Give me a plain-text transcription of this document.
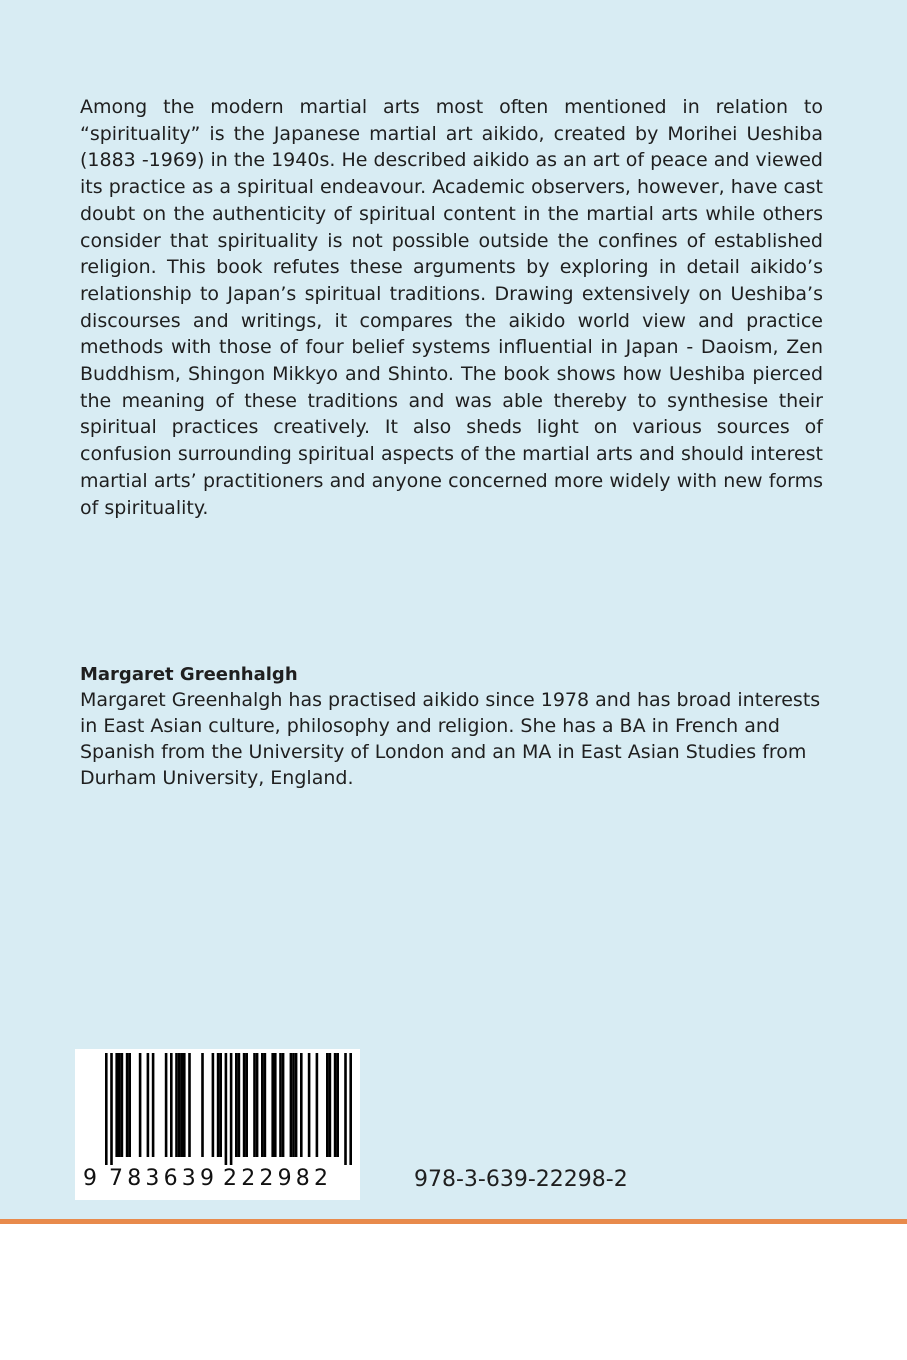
Among the modern martial arts most often mentioned in relation to “spirituality” is the Japanese martial art aikido, created by Morihei Ueshiba (1883 -1969) in the 1940s. He described aikido as an art of peace and viewed its practice as a spiritual endeavour. Academic observers, however, have cast doubt on the authenticity of spiritual content in the martial arts while others consider that spirituality is not possible outside the confines of established religion. This book refutes these arguments by exploring in detail aikido’s relationship to Japan’s spiritual traditions. Drawing extensively on Ueshiba’s discourses and writings, it compares the aikido world view and practice methods with those of four belief systems influential in Japan - Daoism, Zen Buddhism, Shingon Mikkyo and Shinto. The book shows how Ueshiba pierced the meaning of these traditions and was able thereby to synthesise their spiritual practices creatively. It also sheds light on various sources of confusion surrounding spiritual aspects of the martial arts and should interest martial arts’ practitioners and anyone concerned more widely with new forms of spirituality.

Margaret Greenhalgh

Margaret Greenhalgh has practised aikido since 1978 and has broad interests in East Asian culture, philosophy and religion. She has a BA in French and Spanish from the University of London and an MA in East Asian Studies from Durham University, England.

9 783639 222982	978-3-639-22298-2
